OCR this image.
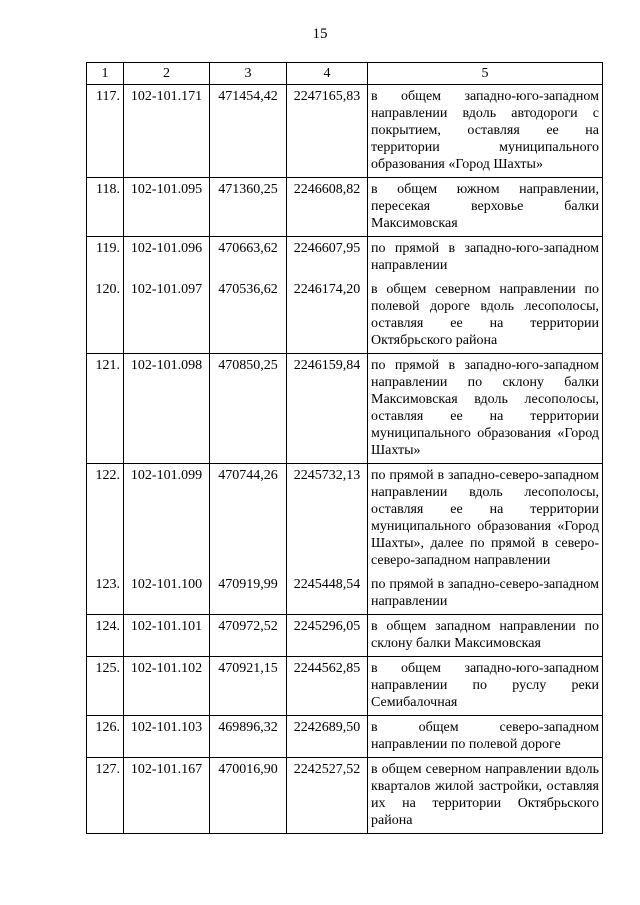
15
1	2	3	4	5
117.	102-101.171	471454,42	2247165,83	в общем западно-юго-западном направлении вдоль автодороги с покрытием, оставляя ее на территории муниципального образования «Город Шахты»
118.	102-101.095	471360,25	2246608,82	в общем южном направлении, пересекая верховье балки Максимовская
119.	102-101.096	470663,62	2246607,95	по прямой в западно-юго-западном направлении
120.	102-101.097	470536,62	2246174,20	в общем северном направлении по полевой дороге вдоль лесополосы, оставляя ее на территории Октябрьского района
121.	102-101.098	470850,25	2246159,84	по прямой в западно-юго-западном направлении по склону балки Максимовская вдоль лесополосы, оставляя ее на территории муниципального образования «Город Шахты»
122.	102-101.099	470744,26	2245732,13	по прямой в западно-северо-западном направлении вдоль лесополосы, оставляя ее на территории муниципального образования «Город Шахты», далее по прямой в северо-северо-западном направлении
123.	102-101.100	470919,99	2245448,54	по прямой в западно-северо-западном направлении
124.	102-101.101	470972,52	2245296,05	в общем западном направлении по склону балки Максимовская
125.	102-101.102	470921,15	2244562,85	в общем западно-юго-западном направлении по руслу реки Семибалочная
126.	102-101.103	469896,32	2242689,50	в общем северо-западном направлении по полевой дороге
127.	102-101.167	470016,90	2242527,52	в общем северном направлении вдоль кварталов жилой застройки, оставляя их на территории Октябрьского района
